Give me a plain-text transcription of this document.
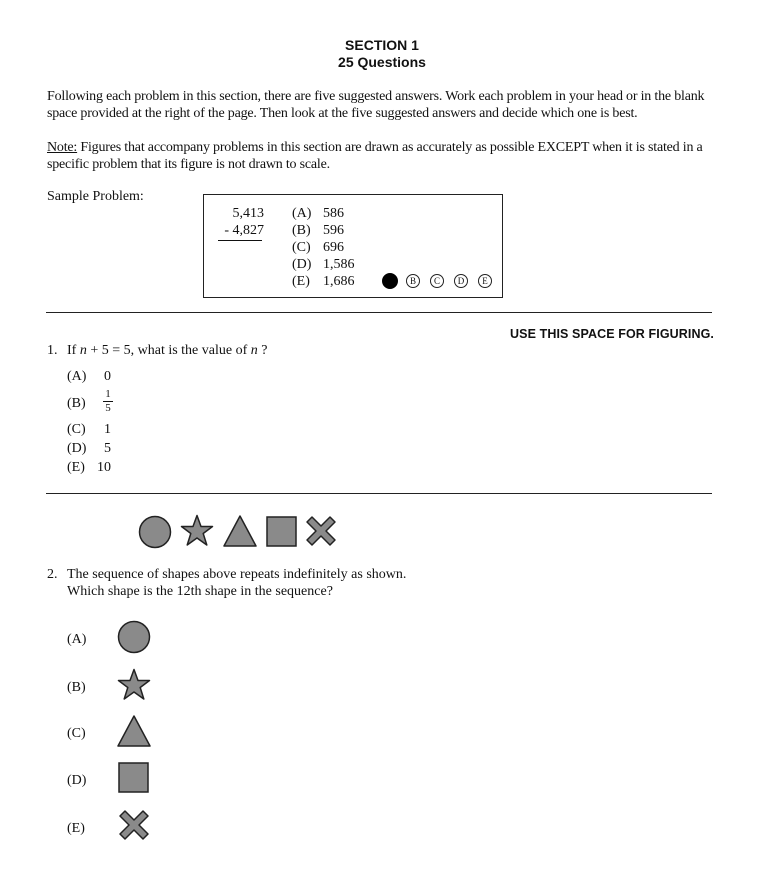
SECTION 1
25 Questions
Following each problem in this section, there are five suggested answers. Work each problem in your head or in the blank space provided at the right of the page. Then look at the five suggested answers and decide which one is best.
Note: Figures that accompany problems in this section are drawn as accurately as possible EXCEPT when it is stated in a specific problem that its figure is not drawn to scale.
Sample Problem:
5,413
- 4,827
(A) 586
(B) 596
(C) 696
(D) 1,586
(E) 1,686	B	C	D	E
USE THIS SPACE FOR FIGURING.
1. If n + 5 = 5, what is the value of n ?
(A) 0
(B)
1
5
(C) 1
(D) 5
(E) 10
2. The sequence of shapes above repeats indefinitely as shown.
Which shape is the 12th shape in the sequence?
(A)
(B)
(C)
(D)
(E)
